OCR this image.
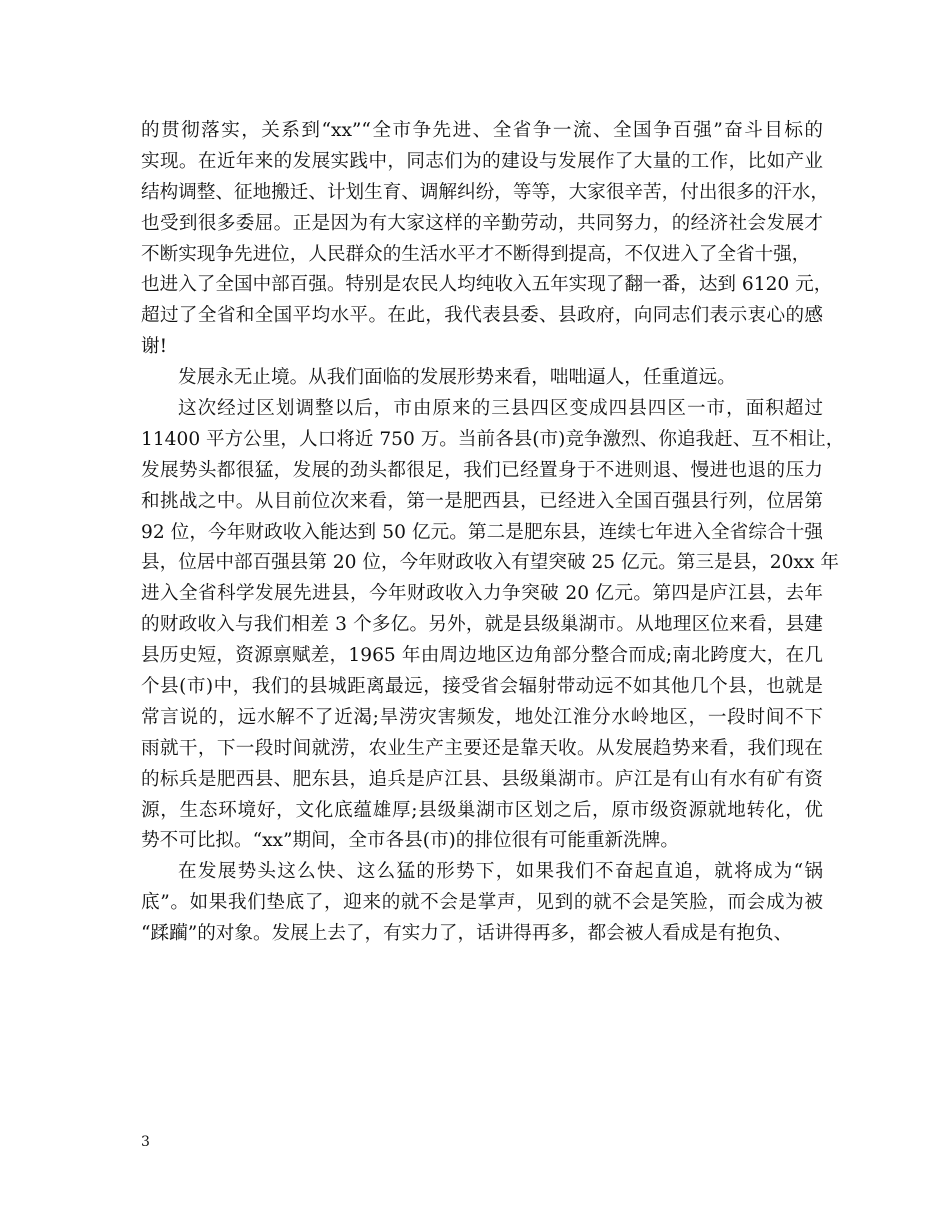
的贯彻落实，关系到“xx”“全市争先进、全省争一流、全国争百强”奋斗目标的
实现。在近年来的发展实践中，同志们为的建设与发展作了大量的工作，比如产业
结构调整、征地搬迁、计划生育、调解纠纷，等等，大家很辛苦，付出很多的汗水，
也受到很多委屈。正是因为有大家这样的辛勤劳动，共同努力，的经济社会发展才
不断实现争先进位，人民群众的生活水平才不断得到提高，不仅进入了全省十强，
也进入了全国中部百强。特别是农民人均纯收入五年实现了翻一番，达到 6120 元，
超过了全省和全国平均水平。在此，我代表县委、县政府，向同志们表示衷心的感
谢!
发展永无止境。从我们面临的发展形势来看，咄咄逼人，任重道远。
这次经过区划调整以后，市由原来的三县四区变成四县四区一市，面积超过
11400 平方公里，人口将近 750 万。当前各县(市)竞争激烈、你追我赶、互不相让，
发展势头都很猛，发展的劲头都很足，我们已经置身于不进则退、慢进也退的压力
和挑战之中。从目前位次来看，第一是肥西县，已经进入全国百强县行列，位居第
92 位，今年财政收入能达到 50 亿元。第二是肥东县，连续七年进入全省综合十强
县，位居中部百强县第 20 位，今年财政收入有望突破 25 亿元。第三是县，20xx 年
进入全省科学发展先进县，今年财政收入力争突破 20 亿元。第四是庐江县，去年
的财政收入与我们相差 3 个多亿。另外，就是县级巢湖市。从地理区位来看，县建
县历史短，资源禀赋差，1965 年由周边地区边角部分整合而成;南北跨度大，在几
个县(市)中，我们的县城距离最远，接受省会辐射带动远不如其他几个县，也就是
常言说的，远水解不了近渴;旱涝灾害频发，地处江淮分水岭地区，一段时间不下
雨就干，下一段时间就涝，农业生产主要还是靠天收。从发展趋势来看，我们现在
的标兵是肥西县、肥东县，追兵是庐江县、县级巢湖市。庐江是有山有水有矿有资
源，生态环境好，文化底蕴雄厚;县级巢湖市区划之后，原市级资源就地转化，优
势不可比拟。“xx”期间，全市各县(市)的排位很有可能重新洗牌。
在发展势头这么快、这么猛的形势下，如果我们不奋起直追，就将成为“锅
底”。如果我们垫底了，迎来的就不会是掌声，见到的就不会是笑脸，而会成为被
“蹂躏”的对象。发展上去了，有实力了，话讲得再多，都会被人看成是有抱负、
3
